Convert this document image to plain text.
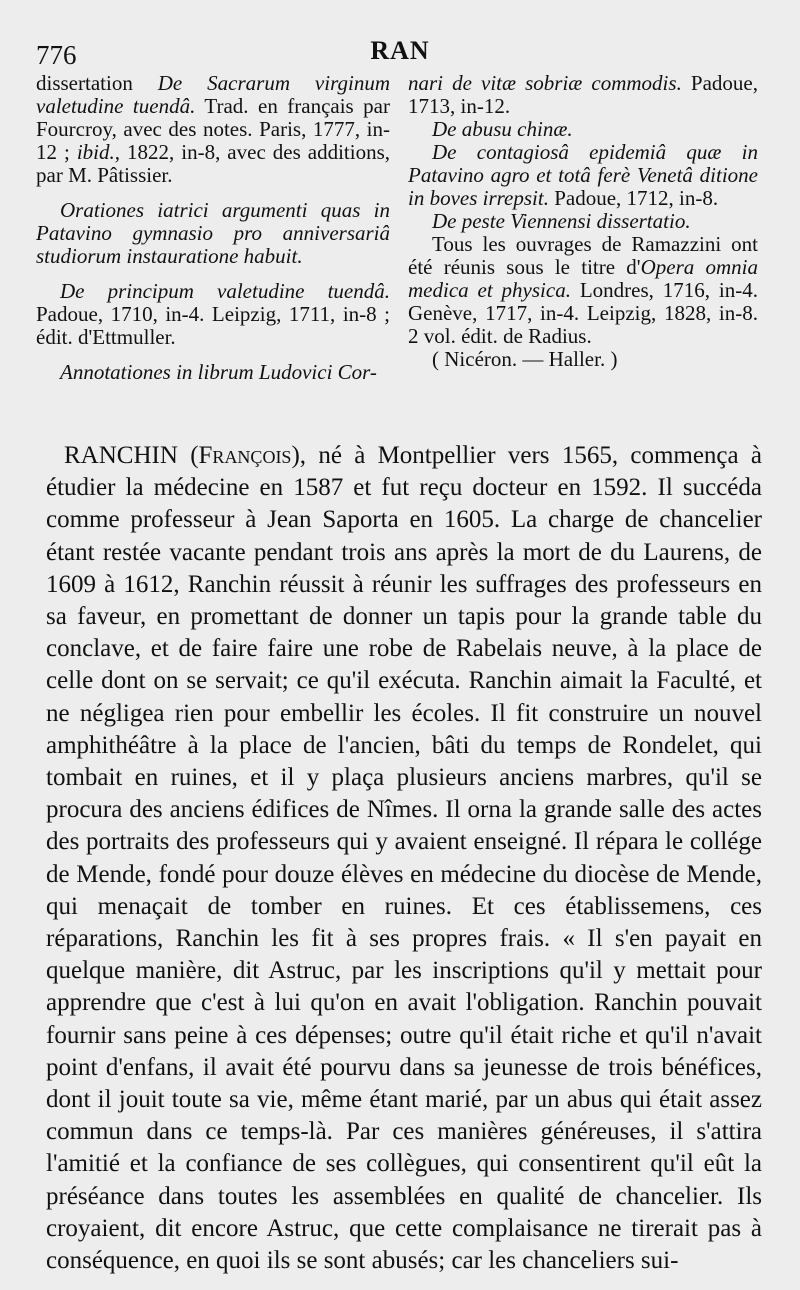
776	RAN

dissertation De Sacrarum virginum valetudine tuendâ. Trad. en français par Fourcroy, avec des notes. Paris, 1777, in-12 ; ibid., 1822, in-8, avec des additions, par M. Pâtissier.

Orationes iatrici argumenti quas in Patavino gymnasio pro anniversariâ studiorum instauratione habuit.

De principum valetudine tuendâ. Padoue, 1710, in-4. Leipzig, 1711, in-8 ; édit. d'Ettmuller.

Annotationes in librum Ludovici Cor-

nari de vitæ sobriæ commodis. Padoue, 1713, in-12.

De abusu chinæ.

De contagiosâ epidemiâ quæ in Patavino agro et totâ ferè Venetâ ditione in boves irrepsit. Padoue, 1712, in-8.

De peste Viennensi dissertatio.

Tous les ouvrages de Ramazzini ont été réunis sous le titre d'Opera omnia medica et physica. Londres, 1716, in-4. Genève, 1717, in-4. Leipzig, 1828, in-8. 2 vol. édit. de Radius.

( Nicéron. — Haller. )

RANCHIN (François), né à Montpellier vers 1565, commença à étudier la médecine en 1587 et fut reçu docteur en 1592. Il succéda comme professeur à Jean Saporta en 1605. La charge de chancelier étant restée vacante pendant trois ans après la mort de du Laurens, de 1609 à 1612, Ranchin réussit à réunir les suffrages des professeurs en sa faveur, en promettant de donner un tapis pour la grande table du conclave, et de faire faire une robe de Rabelais neuve, à la place de celle dont on se servait; ce qu'il exécuta. Ranchin aimait la Faculté, et ne négligea rien pour embellir les écoles. Il fit construire un nouvel amphithéâtre à la place de l'ancien, bâti du temps de Rondelet, qui tombait en ruines, et il y plaça plusieurs anciens marbres, qu'il se procura des anciens édifices de Nîmes. Il orna la grande salle des actes des portraits des professeurs qui y avaient enseigné. Il répara le collége de Mende, fondé pour douze élèves en médecine du diocèse de Mende, qui menaçait de tomber en ruines. Et ces établissemens, ces réparations, Ranchin les fit à ses propres frais. « Il s'en payait en quelque manière, dit Astruc, par les inscriptions qu'il y mettait pour apprendre que c'est à lui qu'on en avait l'obligation. Ranchin pouvait fournir sans peine à ces dépenses; outre qu'il était riche et qu'il n'avait point d'enfans, il avait été pourvu dans sa jeunesse de trois bénéfices, dont il jouit toute sa vie, même étant marié, par un abus qui était assez commun dans ce temps-là. Par ces manières généreuses, il s'attira l'amitié et la confiance de ses collègues, qui consentirent qu'il eût la préséance dans toutes les assemblées en qualité de chancelier. Ils croyaient, dit encore Astruc, que cette complaisance ne tirerait pas à conséquence, en quoi ils se sont abusés; car les chanceliers sui-
